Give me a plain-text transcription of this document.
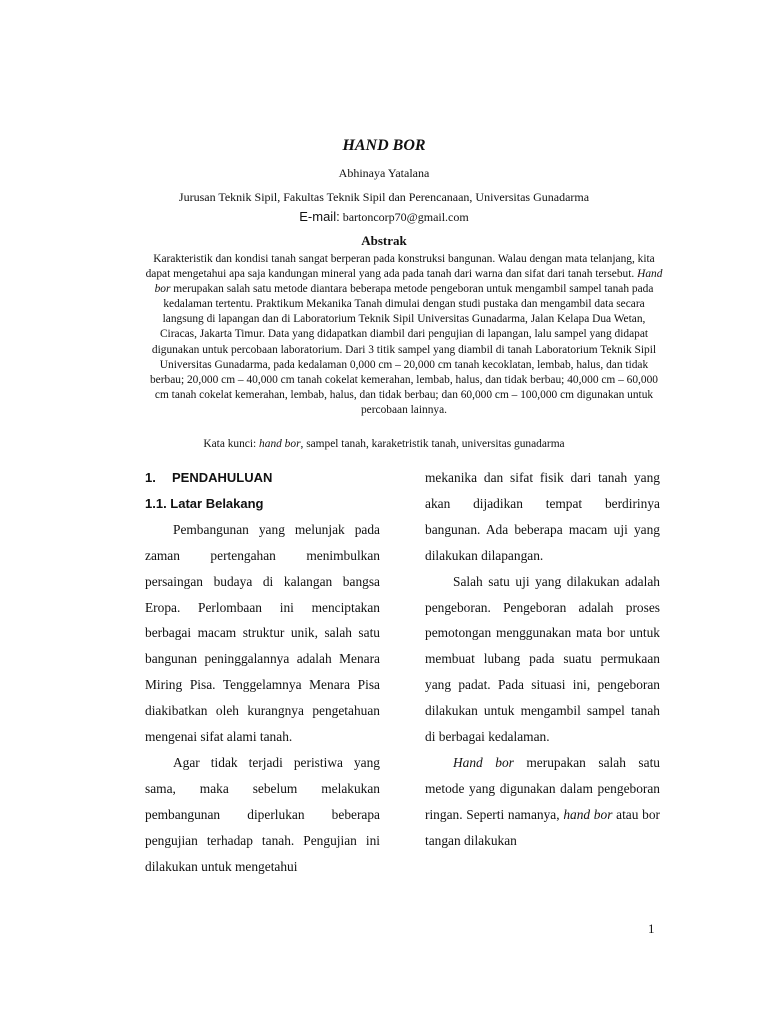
HAND BOR
Abhinaya Yatalana
Jurusan Teknik Sipil, Fakultas Teknik Sipil dan Perencanaan, Universitas Gunadarma
E-mail: bartoncorp70@gmail.com
Abstrak
Karakteristik dan kondisi tanah sangat berperan pada konstruksi bangunan. Walau dengan mata telanjang, kita dapat mengetahui apa saja kandungan mineral yang ada pada tanah dari warna dan sifat dari tanah tersebut. Hand bor merupakan salah satu metode diantara beberapa metode pengeboran untuk mengambil sampel tanah pada kedalaman tertentu. Praktikum Mekanika Tanah dimulai dengan studi pustaka dan mengambil data secara langsung di lapangan dan di Laboratorium Teknik Sipil Universitas Gunadarma, Jalan Kelapa Dua Wetan, Ciracas, Jakarta Timur. Data yang didapatkan diambil dari pengujian di lapangan, lalu sampel yang didapat digunakan untuk percobaan laboratorium. Dari 3 titik sampel yang diambil di tanah Laboratorium Teknik Sipil Universitas Gunadarma, pada kedalaman 0,000 cm – 20,000 cm tanah kecoklatan, lembab, halus, dan tidak berbau; 20,000 cm – 40,000 cm tanah cokelat kemerahan, lembab, halus, dan tidak berbau; 40,000 cm – 60,000 cm tanah cokelat kemerahan, lembab, halus, dan tidak berbau; dan 60,000 cm – 100,000 cm digunakan untuk percobaan lainnya.
Kata kunci: hand bor, sampel tanah, karaketristik tanah, universitas gunadarma

1. PENDAHULUAN

1.1. Latar Belakang

Pembangunan yang melunjak pada zaman pertengahan menimbulkan persaingan budaya di kalangan bangsa Eropa. Perlombaan ini menciptakan berbagai macam struktur unik, salah satu bangunan peninggalannya adalah Menara Miring Pisa. Tenggelamnya Menara Pisa diakibatkan oleh kurangnya pengetahuan mengenai sifat alami tanah.

Agar tidak terjadi peristiwa yang sama, maka sebelum melakukan pembangunan diperlukan beberapa pengujian terhadap tanah. Pengujian ini dilakukan untuk mengetahui

mekanika dan sifat fisik dari tanah yang akan dijadikan tempat berdirinya bangunan. Ada beberapa macam uji yang dilakukan dilapangan.

Salah satu uji yang dilakukan adalah pengeboran. Pengeboran adalah proses pemotongan menggunakan mata bor untuk membuat lubang pada suatu permukaan yang padat. Pada situasi ini, pengeboran dilakukan untuk mengambil sampel tanah di berbagai kedalaman.

Hand bor merupakan salah satu metode yang digunakan dalam pengeboran ringan. Seperti namanya, hand bor atau bor tangan dilakukan

1
